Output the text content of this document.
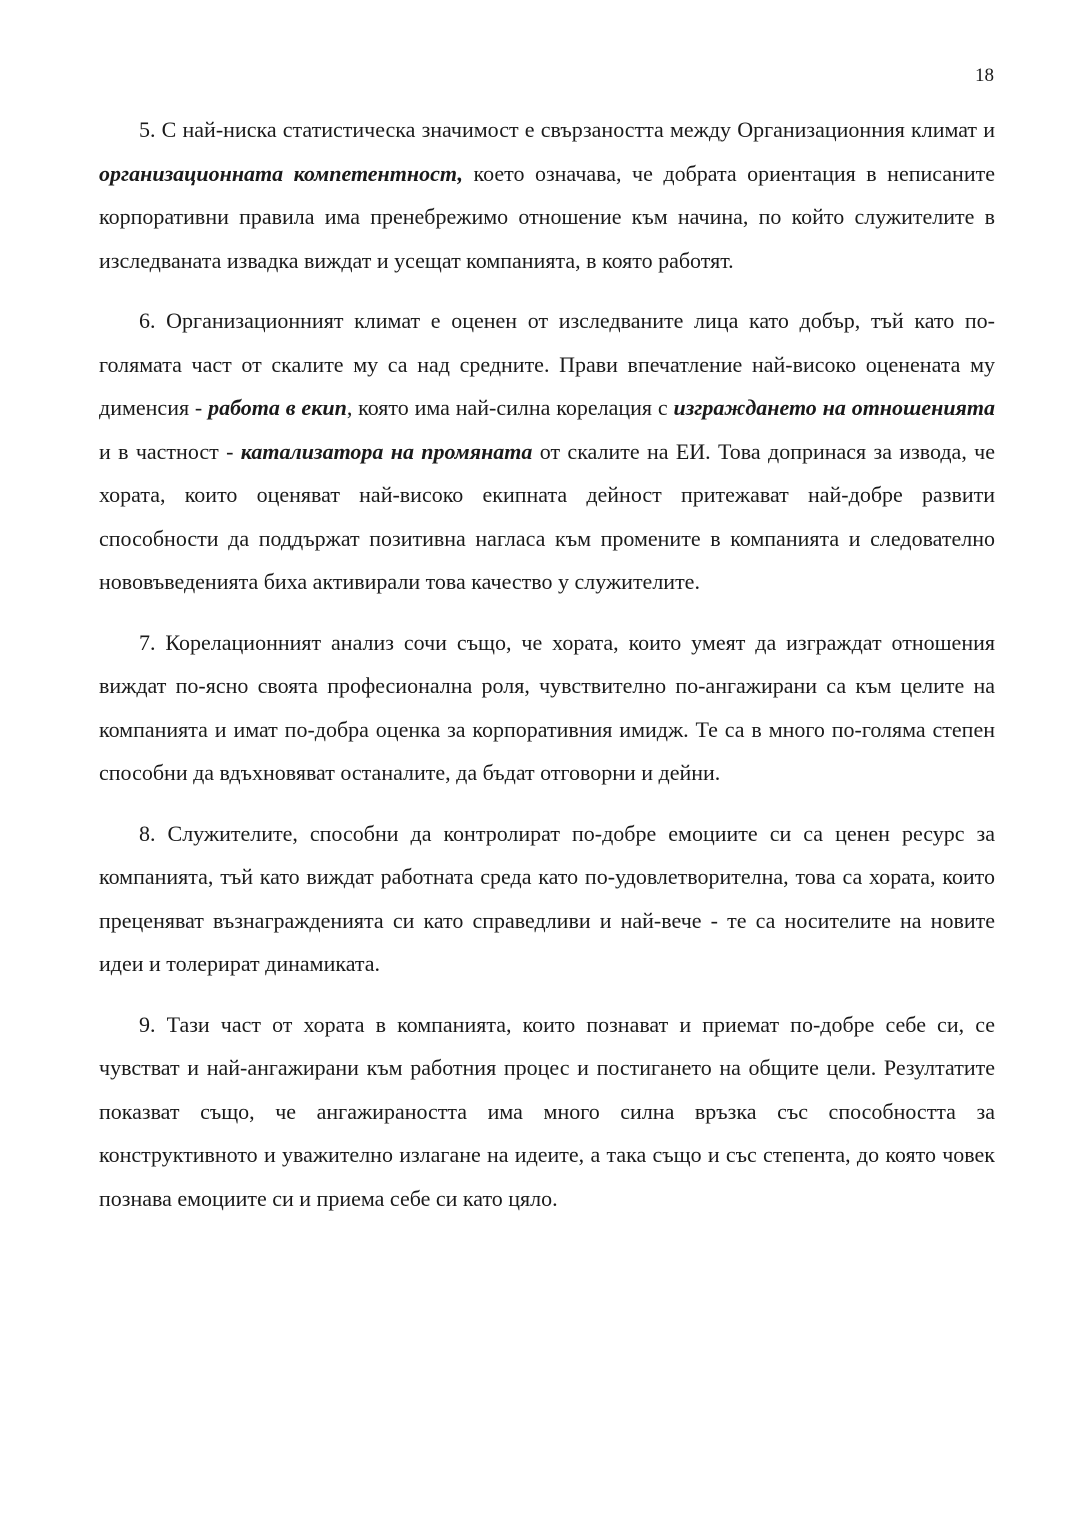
18

5. С най-ниска статистическа значимост е свързаността между Организационния климат и организационната компетентност, което означава, че добрата ориентация в неписаните корпоративни правила има пренебрежимо отношение към начина, по който служителите в изследваната извадка виждат и усещат компанията, в която работят.

6. Организационният климат е оценен от изследваните лица като добър, тъй като по-голямата част от скалите му са над средните. Прави впечатление най-високо оценената му дименсия - работа в екип, която има най-силна корелация с изграждането на отношенията и в частност - катализатора на промяната от скалите на ЕИ. Това допринася за извода, че хората, които оценяват най-високо екипната дейност притежават най-добре развити способности да поддържат позитивна нагласа към промените в компанията и следователно нововъведенията биха активирали това качество у служителите.

7. Корелационният анализ сочи също, че хората, които умеят да изграждат отношения виждат по-ясно своята професионална роля, чувствително по-ангажирани са към целите на компанията и имат по-добра оценка за корпоративния имидж. Те са в много по-голяма степен способни да вдъхновяват останалите, да бъдат отговорни и дейни.

8. Служителите, способни да контролират по-добре емоциите си са ценен ресурс за компанията, тъй като виждат работната среда като по-удовлетворителна, това са хората, които преценяват възнагражденията си като справедливи и най-вече - те са носителите на новите идеи и толерират динамиката.

9. Тази част от хората в компанията, които познават и приемат по-добре себе си, се чувстват и най-ангажирани към работния процес и постигането на общите цели. Резултатите показват също, че ангажираността има много силна връзка със способността за конструктивното и уважително излагане на идеите, а така също и със степента, до която човек познава емоциите си и приема себе си като цяло.
